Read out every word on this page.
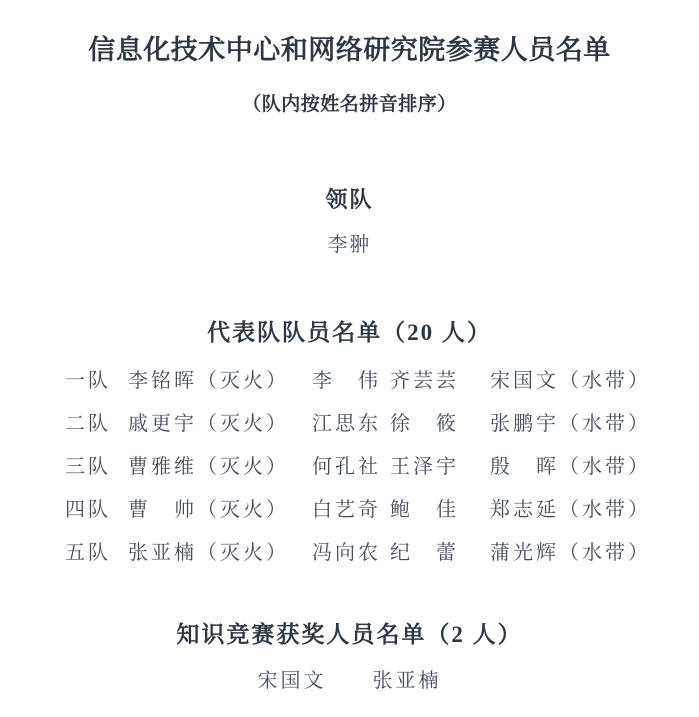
信息化技术中心和网络研究院参赛人员名单
（队内按姓名拼音排序）
领队
李翀
代表队队员名单（20 人）
一队 李铭晖（灭火）	李　伟 齐芸芸	宋国文（水带）
二队 戚更宇（灭火）	江思东 徐　筱	张鹏宇（水带）
三队 曹雅维（灭火）	何孔社 王泽宇	殷　晖（水带）
四队 曹　帅（灭火）	白艺奇 鲍　佳	郑志延（水带）
五队 张亚楠（灭火）	冯向农 纪　蕾	蒲光辉（水带）
知识竞赛获奖人员名单（2 人）
宋国文　　张亚楠
